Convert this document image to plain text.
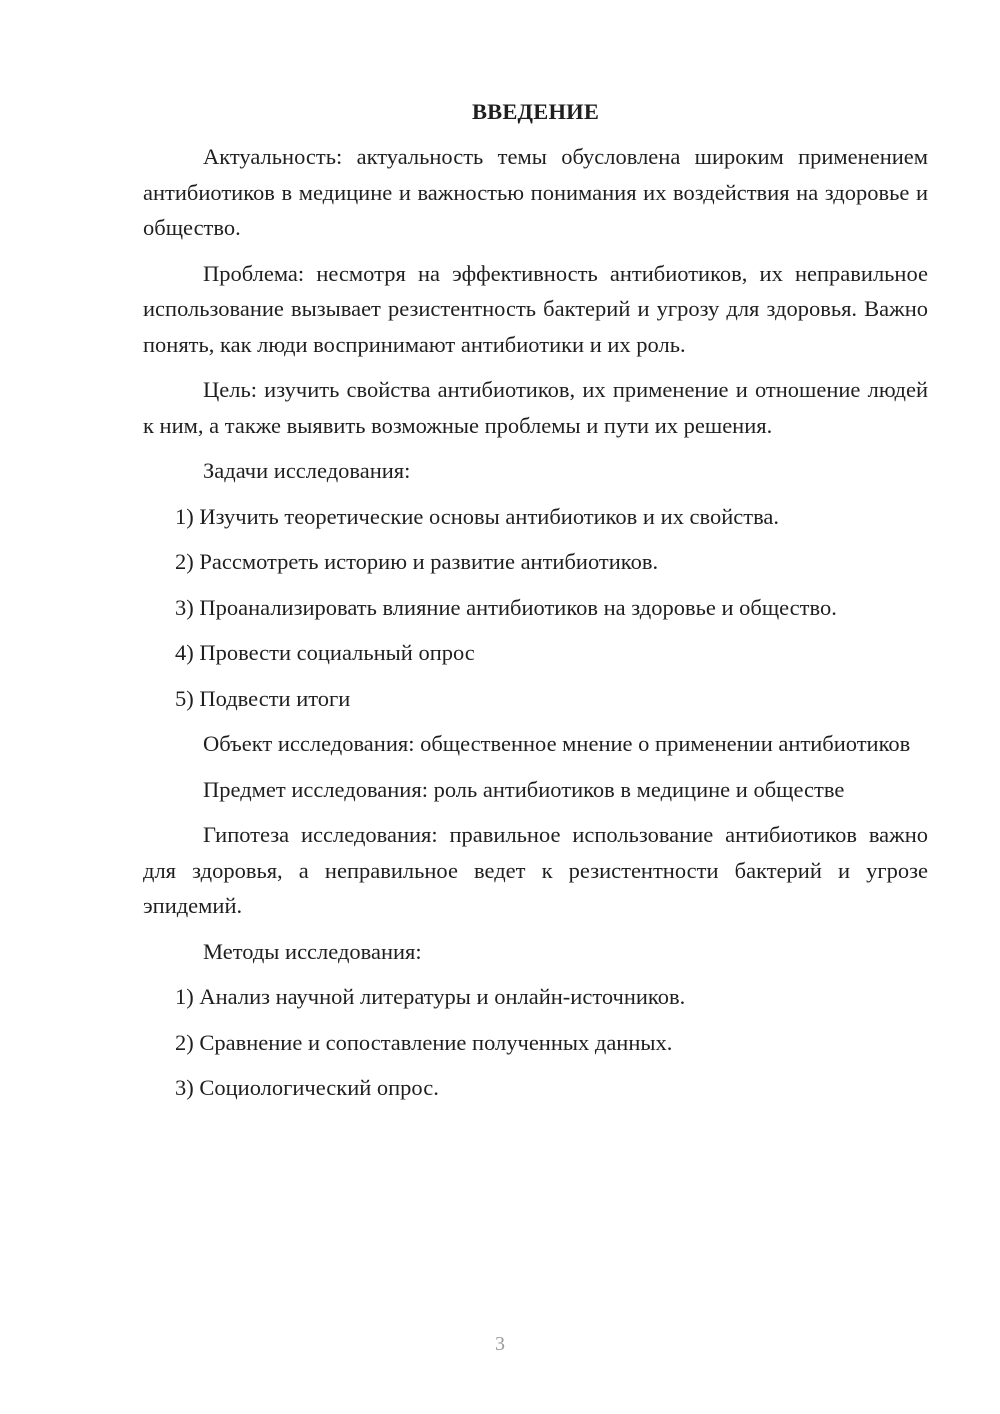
ВВЕДЕНИЕ
Актуальность: актуальность темы обусловлена широким применением антибиотиков в медицине и важностью понимания их воздействия на здоровье и общество.
Проблема: несмотря на эффективность антибиотиков, их неправильное использование вызывает резистентность бактерий и угрозу для здоровья. Важно понять, как люди воспринимают антибиотики и их роль.
Цель: изучить свойства антибиотиков, их применение и отношение людей к ним, а также выявить возможные проблемы и пути их решения.
Задачи исследования:
1) Изучить теоретические основы антибиотиков и их свойства.
2) Рассмотреть историю и развитие антибиотиков.
3) Проанализировать влияние антибиотиков на здоровье и общество.
4) Провести социальный опрос
5) Подвести итоги
Объект исследования: общественное мнение о применении антибиотиков
Предмет исследования: роль антибиотиков в медицине и обществе
Гипотеза исследования: правильное использование антибиотиков важно для здоровья, а неправильное ведет к резистентности бактерий и угрозе эпидемий.
Методы исследования:
1) Анализ научной литературы и онлайн-источников.
2) Сравнение и сопоставление полученных данных.
3) Социологический опрос.
3
